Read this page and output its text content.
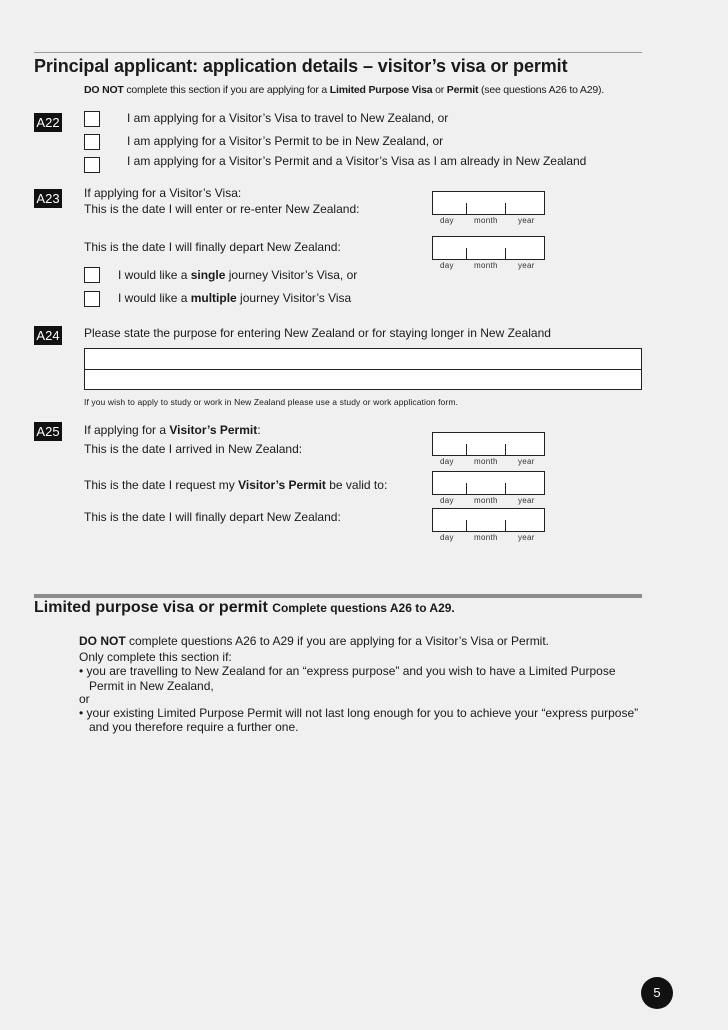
Principal applicant: application details – visitor’s visa or permit
DO NOT complete this section if you are applying for a Limited Purpose Visa or Permit (see questions A26 to A29).
A22	I am applying for a Visitor’s Visa to travel to New Zealand, or
I am applying for a Visitor’s Permit to be in New Zealand, or
I am applying for a Visitor’s Permit and a Visitor’s Visa as I am already in New Zealand
A23 If applying for a Visitor’s Visa:
This is the date I will enter or re-enter New Zealand:
day	month	year
This is the date I will finally depart New Zealand:
day	month	year
I would like a single journey Visitor’s Visa, or
I would like a multiple journey Visitor’s Visa
A24 Please state the purpose for entering New Zealand or for staying longer in New Zealand
If you wish to apply to study or work in New Zealand please use a study or work application form.
A25 If applying for a Visitor’s Permit:
This is the date I arrived in New Zealand:
day	month	year
This is the date I request my Visitor’s Permit be valid to:
day	month	year
This is the date I will finally depart New Zealand:
day	month	year
Limited purpose visa or permit Complete questions A26 to A29.
DO NOT complete questions A26 to A29 if you are applying for a Visitor’s Visa or Permit.
Only complete this section if:
• you are travelling to New Zealand for an “express purpose” and you wish to have a Limited Purpose
Permit in New Zealand,
or
• your existing Limited Purpose Permit will not last long enough for you to achieve your “express purpose”
and you therefore require a further one.
5
